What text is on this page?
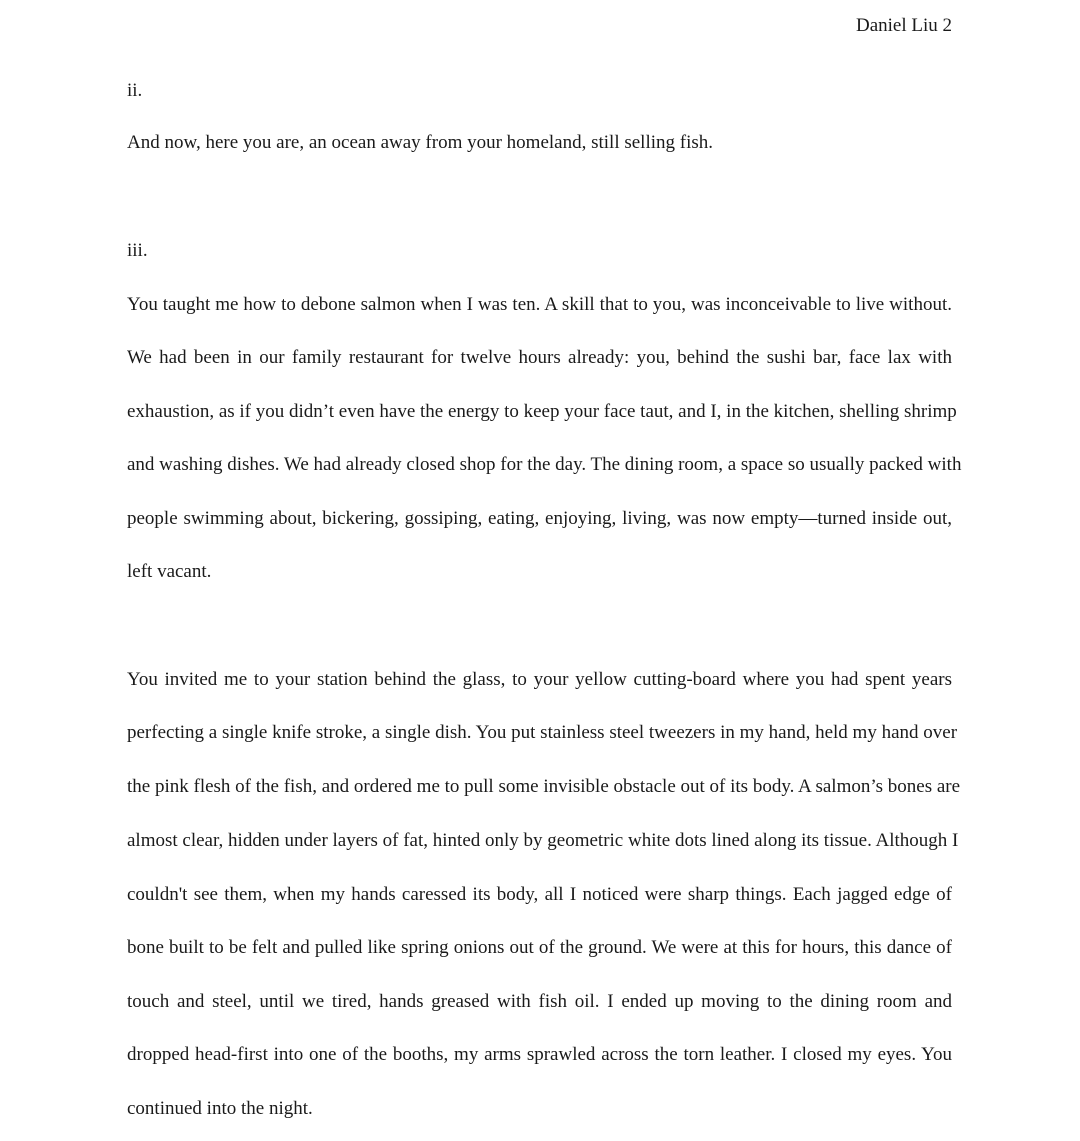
Daniel Liu 2
ii.
And now, here you are, an ocean away from your homeland, still selling fish.
iii.
You taught me how to debone salmon when I was ten. A skill that to you, was inconceivable to live without.
We had been in our family restaurant for twelve hours already: you, behind the sushi bar, face lax with
exhaustion, as if you didn’t even have the energy to keep your face taut, and I, in the kitchen, shelling shrimp
and washing dishes. We had already closed shop for the day. The dining room, a space so usually packed with
people swimming about, bickering, gossiping, eating, enjoying, living, was now empty—turned inside out,
left vacant.
You invited me to your station behind the glass, to your yellow cutting-board where you had spent years
perfecting a single knife stroke, a single dish. You put stainless steel tweezers in my hand, held my hand over
the pink flesh of the fish, and ordered me to pull some invisible obstacle out of its body. A salmon’s bones are
almost clear, hidden under layers of fat, hinted only by geometric white dots lined along its tissue. Although I
couldn't see them, when my hands caressed its body, all I noticed were sharp things. Each jagged edge of
bone built to be felt and pulled like spring onions out of the ground. We were at this for hours, this dance of
touch and steel, until we tired, hands greased with fish oil. I ended up moving to the dining room and
dropped head-first into one of the booths, my arms sprawled across the torn leather. I closed my eyes. You
continued into the night.
